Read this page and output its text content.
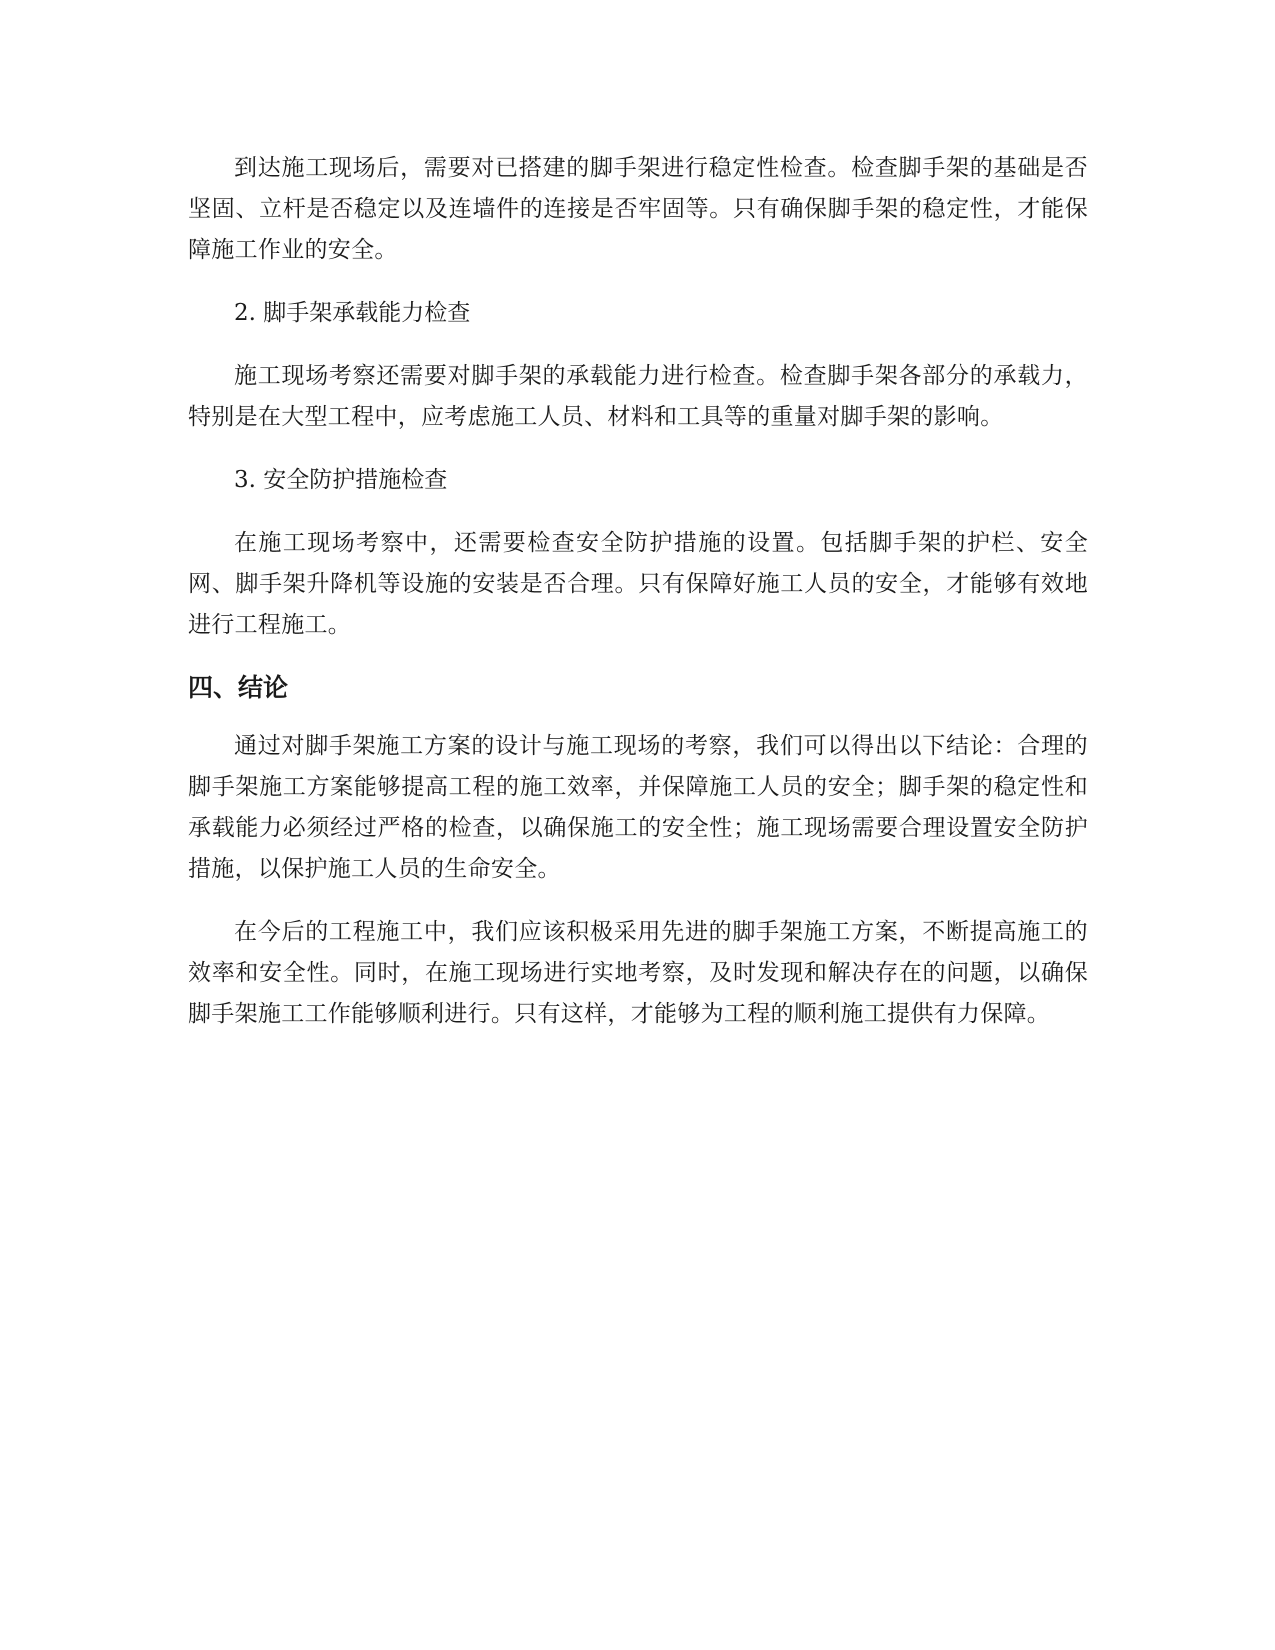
到达施工现场后，需要对已搭建的脚手架进行稳定性检查。检查脚手架的基础是否坚固、立杆是否稳定以及连墙件的连接是否牢固等。只有确保脚手架的稳定性，才能保障施工作业的安全。

2. 脚手架承载能力检查

施工现场考察还需要对脚手架的承载能力进行检查。检查脚手架各部分的承载力，特别是在大型工程中，应考虑施工人员、材料和工具等的重量对脚手架的影响。

3. 安全防护措施检查

在施工现场考察中，还需要检查安全防护措施的设置。包括脚手架的护栏、安全网、脚手架升降机等设施的安装是否合理。只有保障好施工人员的安全，才能够有效地进行工程施工。

四、结论

通过对脚手架施工方案的设计与施工现场的考察，我们可以得出以下结论：合理的脚手架施工方案能够提高工程的施工效率，并保障施工人员的安全；脚手架的稳定性和承载能力必须经过严格的检查，以确保施工的安全性；施工现场需要合理设置安全防护措施，以保护施工人员的生命安全。

在今后的工程施工中，我们应该积极采用先进的脚手架施工方案，不断提高施工的效率和安全性。同时，在施工现场进行实地考察，及时发现和解决存在的问题，以确保脚手架施工工作能够顺利进行。只有这样，才能够为工程的顺利施工提供有力保障。
